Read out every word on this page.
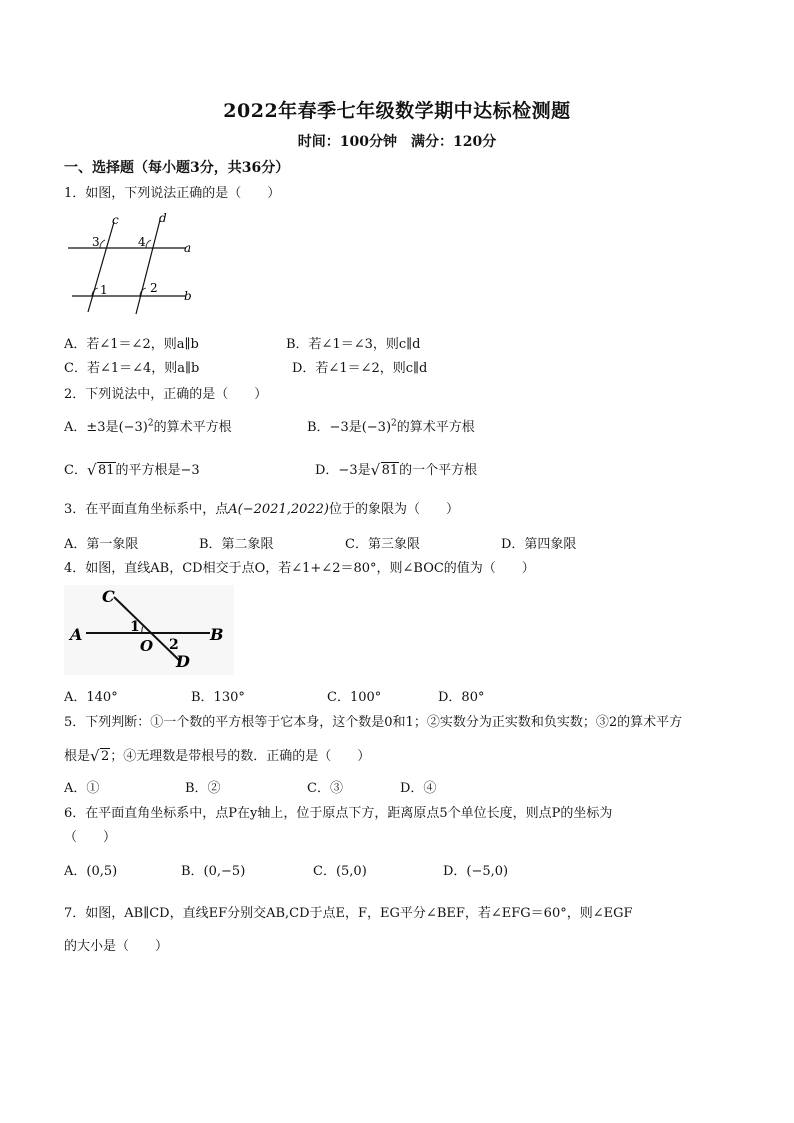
2022年春季七年级数学期中达标检测题
时间：100分钟　满分：120分
一、选择题（每小题3分，共36分）
1．如图，下列说法正确的是（　　）
c	d
3	4	a
1	2
b
A．若∠1＝∠2，则a∥b	B．若∠1＝∠3，则c∥d
C．若∠1＝∠4，则a∥b	D．若∠1＝∠2，则c∥d
2．下列说法中，正确的是（　　）
A．±3是$(-3)^2$的算术平方根	B．−3是$(-3)^2$的算术平方根
C． √ 81的平方根是−3	D．−3是 √ 81的一个平方根
3．在平面直角坐标系中，点A(−2021,2022)位于的象限为（　　）
A．第一象限	B．第二象限	C．第三象限	D．第四象限
4．如图，直线AB，CD相交于点O，若∠1+∠2＝80°，则∠BOC的值为（　　）
C
1
A	B
O 2
D
A．140°	B．130°	C．100°	D．80°
5．下列判断：①一个数的平方根等于它本身，这个数是0和1；②实数分为正实数和负实数；③2的算术平方
根是 √ 2；④无理数是带根号的数．正确的是（　　）
A．①	B．②	C．③	D．④
6．在平面直角坐标系中，点P在y轴上，位于原点下方，距离原点5个单位长度，则点P的坐标为
（　　）
A．(0,5)	B．(0,−5)	C．(5,0)	D．(−5,0)
7．如图，AB∥CD，直线EF分别交AB,CD于点E，F，EG平分∠BEF，若∠EFG＝60°，则∠EGF
的大小是（　　）
